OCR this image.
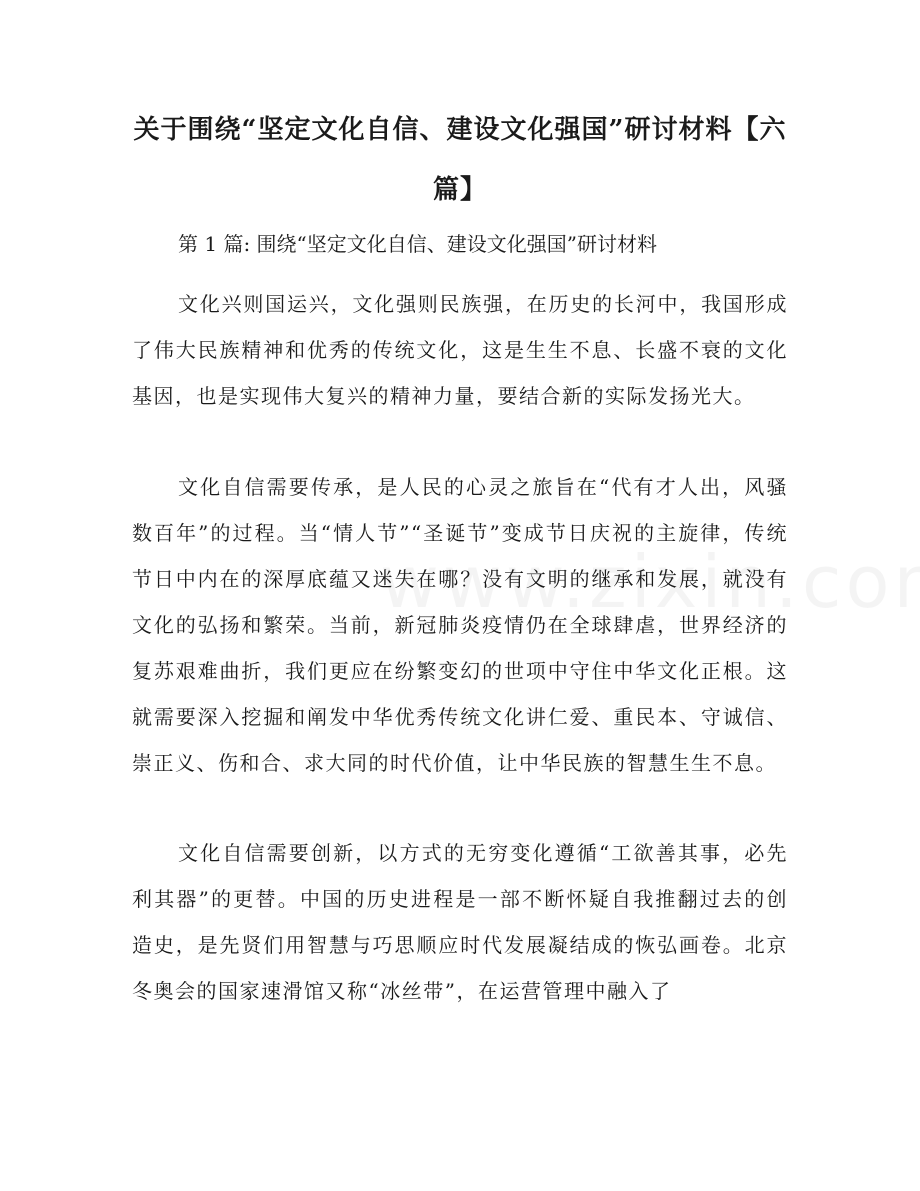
关于围绕“坚定文化自信、建设文化强国”研讨材料【六篇】
第 1 篇: 围绕“坚定文化自信、建设文化强国”研讨材料

文化兴则国运兴，文化强则民族强，在历史的长河中，我国形成了伟大民族精神和优秀的传统文化，这是生生不息、长盛不衰的文化基因，也是实现伟大复兴的精神力量，要结合新的实际发扬光大。

文化自信需要传承，是人民的心灵之旅旨在“代有才人出，风骚数百年”的过程。当“情人节”“圣诞节”变成节日庆祝的主旋律，传统节日中内在的深厚底蕴又迷失在哪？没有文明的继承和发展，就没有文化的弘扬和繁荣。当前，新冠肺炎疫情仍在全球肆虐，世界经济的复苏艰难曲折，我们更应在纷繁变幻的世项中守住中华文化正根。这就需要深入挖掘和阐发中华优秀传统文化讲仁爱、重民本、守诚信、崇正义、伤和合、求大同的时代价值，让中华民族的智慧生生不息。

文化自信需要创新，以方式的无穷变化遵循“工欲善其事，必先利其器”的更替。中国的历史进程是一部不断怀疑自我推翻过去的创造史，是先贤们用智慧与巧思顺应时代发展凝结成的恢弘画卷。北京冬奥会的国家速滑馆又称“冰丝带”，在运营管理中融入了
